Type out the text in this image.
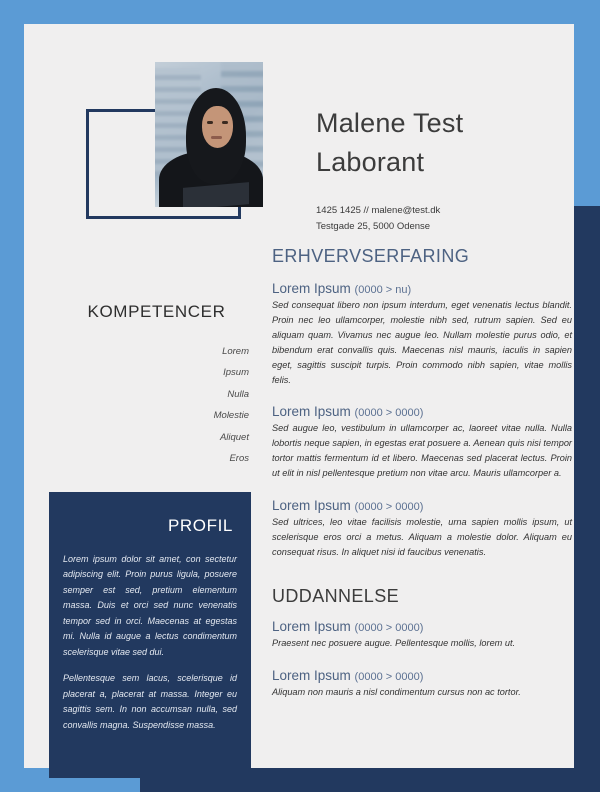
Malene Test
Laborant
1425 1425 // malene@test.dk
Testgade 25, 5000 Odense
KOMPETENCER
Lorem
Ipsum
Nulla
Molestie
Aliquet
Eros
PROFIL

Lorem ipsum dolor sit amet, con sectetur adipiscing elit. Proin purus ligula, posuere semper est sed, pretium elementum massa. Duis et orci sed nunc venenatis tempor sed in orci. Maecenas at egestas mi. Nulla id augue a lectus condimentum scelerisque vitae sed dui.

Pellentesque sem lacus, scelerisque id placerat a, placerat at massa. Integer eu sagittis sem. In non accumsan nulla, sed convallis magna. Suspendisse massa.

ERHVERVSERFARING
Lorem Ipsum (0000 > nu)

Sed consequat libero non ipsum interdum, eget venenatis lectus blandit. Proin nec leo ullamcorper, molestie nibh sed, rutrum sapien. Sed eu aliquam quam. Vivamus nec augue leo. Nullam molestie purus odio, et bibendum erat convallis quis. Maecenas nisl mauris, iaculis in sapien eget, sagittis suscipit turpis. Proin commodo nibh sapien, vitae mollis felis.

Lorem Ipsum (0000 > 0000)

Sed augue leo, vestibulum in ullamcorper ac, laoreet vitae nulla. Nulla lobortis neque sapien, in egestas erat posuere a. Aenean quis nisi tempor tortor mattis fermentum id et libero. Maecenas sed placerat lectus. Proin ut elit in nisl pellentesque pretium non vitae arcu. Mauris ullamcorper a.

Lorem Ipsum (0000 > 0000)

Sed ultrices, leo vitae facilisis molestie, urna sapien mollis ipsum, ut scelerisque eros orci a metus. Aliquam a molestie dolor. Aliquam eu consequat risus. In aliquet nisi id faucibus venenatis.

UDDANNELSE
Lorem Ipsum (0000 > 0000)

Praesent nec posuere augue. Pellentesque mollis, lorem ut.

Lorem Ipsum (0000 > 0000)

Aliquam non mauris a nisl condimentum cursus non ac tortor.
